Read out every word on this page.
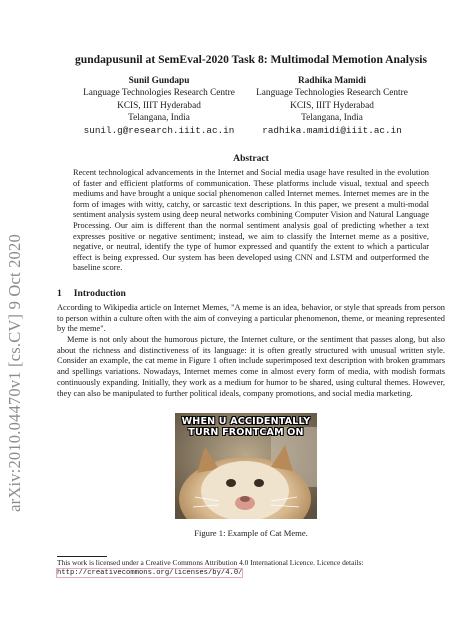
arXiv:2010.04470v1 [cs.CV] 9 Oct 2020
gundapusunil at SemEval-2020 Task 8: Multimodal Memotion Analysis
Sunil Gundapu
Language Technologies Research Centre
KCIS, IIIT Hyderabad
Telangana, India
sunil.g@research.iiit.ac.in
Radhika Mamidi
Language Technologies Research Centre
KCIS, IIIT Hyderabad
Telangana, India
radhika.mamidi@iiit.ac.in
Abstract
Recent technological advancements in the Internet and Social media usage have resulted in the evolution of faster and efficient platforms of communication. These platforms include visual, textual and speech mediums and have brought a unique social phenomenon called Internet memes. Internet memes are in the form of images with witty, catchy, or sarcastic text descriptions. In this paper, we present a multi-modal sentiment analysis system using deep neural networks combining Computer Vision and Natural Language Processing. Our aim is different than the normal sentiment analysis goal of predicting whether a text expresses positive or negative sentiment; instead, we aim to classify the Internet meme as a positive, negative, or neutral, identify the type of humor expressed and quantify the extent to which a particular effect is being expressed. Our system has been developed using CNN and LSTM and outperformed the baseline score.
1 Introduction
According to Wikipedia article on Internet Memes, "A meme is an idea, behavior, or style that spreads from person to person within a culture often with the aim of conveying a particular phenomenon, theme, or meaning represented by the meme".
Meme is not only about the humorous picture, the Internet culture, or the sentiment that passes along, but also about the richness and distinctiveness of its language: it is often greatly structured with unusual written style. Consider an example, the cat meme in Figure 1 often include superimposed text description with broken grammars and spellings variations. Nowadays, Internet memes come in almost every form of media, with modish formats continuously expanding. Initially, they work as a medium for humor to be shared, using cultural themes. However, they can also be manipulated to further political ideals, company promotions, and social media marketing.
WHEN U ACCIDENTALLY
TURN FRONTCAM ON
Figure 1: Example of Cat Meme.
This work is licensed under a Creative Commons Attribution 4.0 International Licence. Licence details: http://creativecommons.org/licenses/by/4.0/
